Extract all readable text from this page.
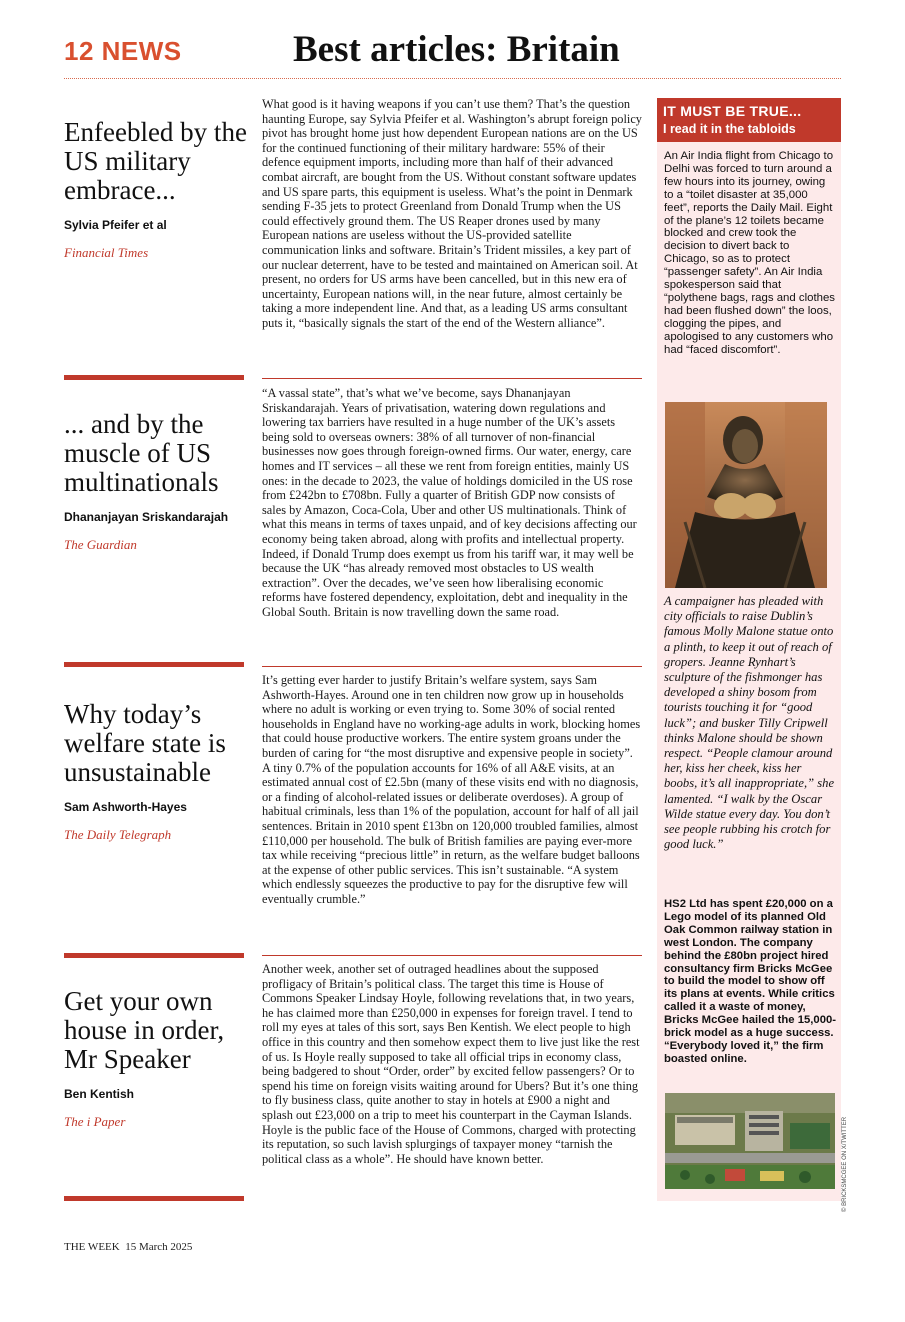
12 NEWS	Best articles: Britain
Enfeebled by the US military embrace...
Sylvia Pfeifer et al
Financial Times

What good is it having weapons if you can’t use them? That’s the question haunting Europe, say Sylvia Pfeifer et al. Washington’s abrupt foreign policy pivot has brought home just how dependent European nations are on the US for the continued functioning of their military hardware: 55% of their defence equipment imports, including more than half of their advanced combat aircraft, are bought from the US. Without constant software updates and US spare parts, this equipment is useless. What’s the point in Denmark sending F-35 jets to protect Greenland from Donald Trump when the US could effectively ground them. The US Reaper drones used by many European nations are useless without the US-provided satellite communication links and software. Britain’s Trident missiles, a key part of our nuclear deterrent, have to be tested and maintained on American soil. At present, no orders for US arms have been cancelled, but in this new era of uncertainty, European nations will, in the near future, almost certainly be taking a more independent line. And that, as a leading US arms consultant puts it, “basically signals the start of the end of the Western alliance”.

... and by the muscle of US multinationals
Dhananjayan Sriskandarajah
The Guardian

“A vassal state”, that’s what we’ve become, says Dhananjayan Sriskandarajah. Years of privatisation, watering down regulations and lowering tax barriers have resulted in a huge number of the UK’s assets being sold to overseas owners: 38% of all turnover of non-financial businesses now goes through foreign-owned firms. Our water, energy, care homes and IT services – all these we rent from foreign entities, mainly US ones: in the decade to 2023, the value of holdings domiciled in the US rose from £242bn to £708bn. Fully a quarter of British GDP now consists of sales by Amazon, Coca-Cola, Uber and other US multinationals. Think of what this means in terms of taxes unpaid, and of key decisions affecting our economy being taken abroad, along with profits and intellectual property. Indeed, if Donald Trump does exempt us from his tariff war, it may well be because the UK “has already removed most obstacles to US wealth extraction”. Over the decades, we’ve seen how liberalising economic reforms have fostered dependency, exploitation, debt and inequality in the Global South. Britain is now travelling down the same road.

Why today’s welfare state is unsustainable
Sam Ashworth-Hayes
The Daily Telegraph

It’s getting ever harder to justify Britain’s welfare system, says Sam Ashworth-Hayes. Around one in ten children now grow up in households where no adult is working or even trying to. Some 30% of social rented households in England have no working-age adults in work, blocking homes that could house productive workers. The entire system groans under the burden of caring for “the most disruptive and expensive people in society”. A tiny 0.7% of the population accounts for 16% of all A&E visits, at an estimated annual cost of £2.5bn (many of these visits end with no diagnosis, or a finding of alcohol-related issues or deliberate overdoses). A group of habitual criminals, less than 1% of the population, account for half of all jail sentences. Britain in 2010 spent £13bn on 120,000 troubled families, almost £110,000 per household. The bulk of British families are paying ever-more tax while receiving “precious little” in return, as the welfare budget balloons at the expense of other public services. This isn’t sustainable. “A system which endlessly squeezes the productive to pay for the disruptive few will eventually crumble.”

Get your own house in order, Mr Speaker
Ben Kentish
The i Paper

Another week, another set of outraged headlines about the supposed profligacy of Britain’s political class. The target this time is House of Commons Speaker Lindsay Hoyle, following revelations that, in two years, he has claimed more than £250,000 in expenses for foreign travel. I tend to roll my eyes at tales of this sort, says Ben Kentish. We elect people to high office in this country and then somehow expect them to live just like the rest of us. Is Hoyle really supposed to take all official trips in economy class, being badgered to shout “Order, order” by excited fellow passengers? Or to spend his time on foreign visits waiting around for Ubers? But it’s one thing to fly business class, quite another to stay in hotels at £900 a night and splash out £23,000 on a trip to meet his counterpart in the Cayman Islands. Hoyle is the public face of the House of Commons, charged with protecting its reputation, so such lavish splurgings of taxpayer money “tarnish the political class as a whole”. He should have known better.

IT MUST BE TRUE...
I read it in the tabloids

An Air India flight from Chicago to Delhi was forced to turn around a few hours into its journey, owing to a “toilet disaster at 35,000 feet”, reports the Daily Mail. Eight of the plane’s 12 toilets became blocked and crew took the decision to divert back to Chicago, so as to protect “passenger safety”. An Air India spokesperson said that “polythene bags, rags and clothes had been flushed down” the loos, clogging the pipes, and apologised to any customers who had “faced discomfort”.

A campaigner has pleaded with city officials to raise Dublin’s famous Molly Malone statue onto a plinth, to keep it out of reach of gropers. Jeanne Rynhart’s sculpture of the fishmonger has developed a shiny bosom from tourists touching it for “good luck”; and busker Tilly Cripwell thinks Malone should be shown respect. “People clamour around her, kiss her cheek, kiss her boobs, it’s all inappropriate,” she lamented. “I walk by the Oscar Wilde statue every day. You don’t see people rubbing his crotch for good luck.”

HS2 Ltd has spent £20,000 on a Lego model of its planned Old Oak Common railway station in west London. The company behind the £80bn project hired consultancy firm Bricks McGee to build the model to show off its plans at events. While critics called it a waste of money, Bricks McGee hailed the 15,000-brick model as a huge success. “Everybody loved it,” the firm boasted online.

© BRICKSMCGEE ON X/TWITTER
THE WEEK 15 March 2025
